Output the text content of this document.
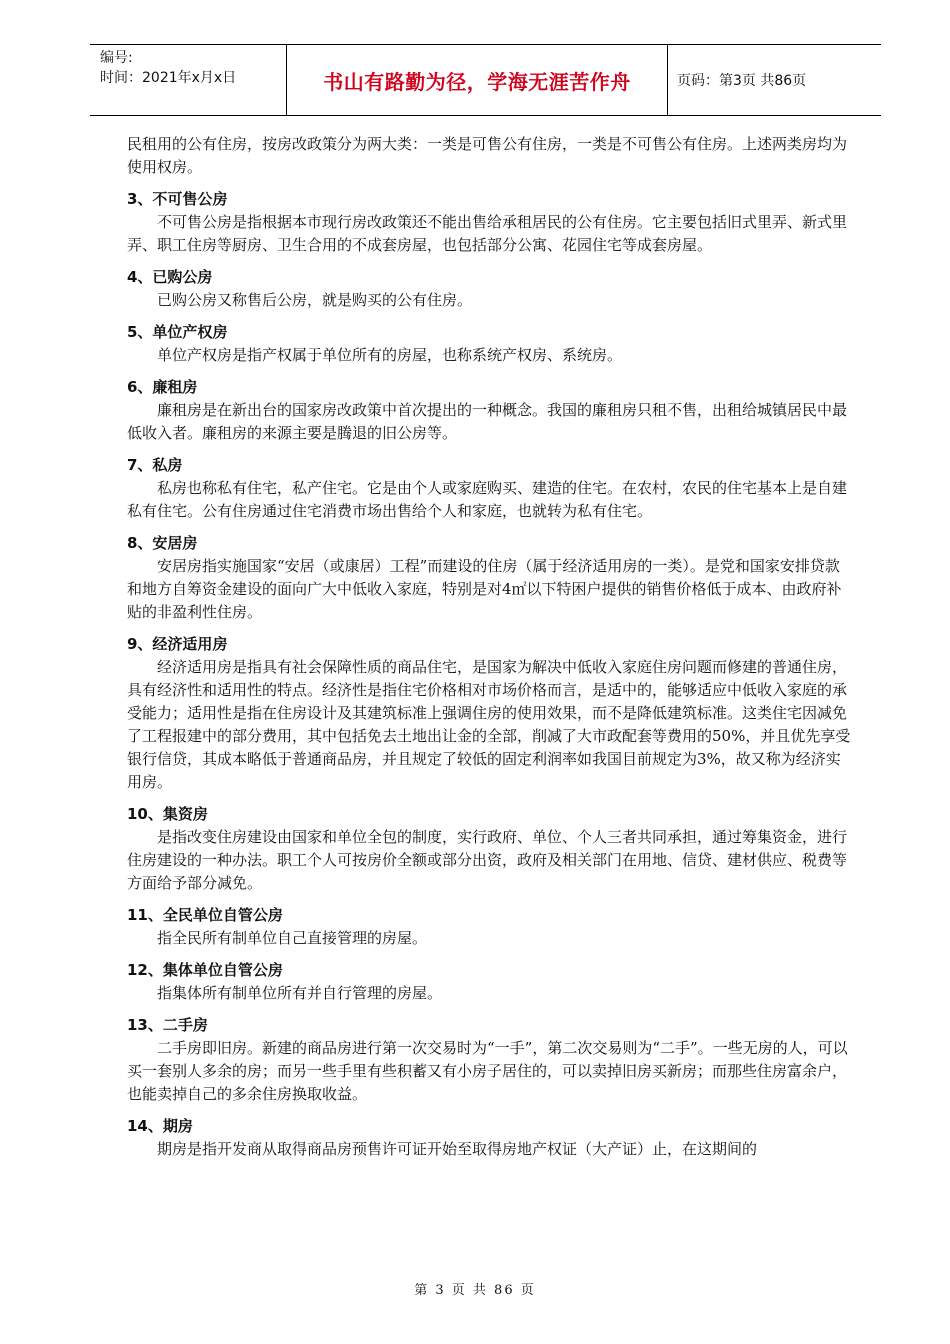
编号:
时间：2021年x月x日	书山有路勤为径，学海无涯苦作舟	页码：第3页 共86页

民租用的公有住房，按房改政策分为两大类：一类是可售公有住房，一类是不可售公有住房。上述两类房均为使用权房。

3、不可售公房

不可售公房是指根据本市现行房改政策还不能出售给承租居民的公有住房。它主要包括旧式里弄、新式里弄、职工住房等厨房、卫生合用的不成套房屋，也包括部分公寓、花园住宅等成套房屋。

4、已购公房

已购公房又称售后公房，就是购买的公有住房。

5、单位产权房

单位产权房是指产权属于单位所有的房屋，也称系统产权房、系统房。

6、廉租房

廉租房是在新出台的国家房改政策中首次提出的一种概念。我国的廉租房只租不售，出租给城镇居民中最低收入者。廉租房的来源主要是腾退的旧公房等。

7、私房

私房也称私有住宅，私产住宅。它是由个人或家庭购买、建造的住宅。在农村，农民的住宅基本上是自建私有住宅。公有住房通过住宅消费市场出售给个人和家庭，也就转为私有住宅。

8、安居房

安居房指实施国家“安居（或康居）工程”而建设的住房（属于经济适用房的一类）。是党和国家安排贷款和地方自筹资金建设的面向广大中低收入家庭，特别是对4㎡以下特困户提供的销售价格低于成本、由政府补贴的非盈利性住房。

9、经济适用房

经济适用房是指具有社会保障性质的商品住宅，是国家为解决中低收入家庭住房问题而修建的普通住房，具有经济性和适用性的特点。经济性是指住宅价格相对市场价格而言，是适中的，能够适应中低收入家庭的承受能力；适用性是指在住房设计及其建筑标准上强调住房的使用效果，而不是降低建筑标准。这类住宅因减免了工程报建中的部分费用，其中包括免去土地出让金的全部，削减了大市政配套等费用的50%，并且优先享受银行信贷，其成本略低于普通商品房，并且规定了较低的固定利润率如我国目前规定为3%，故又称为经济实用房。

10、集资房

是指改变住房建设由国家和单位全包的制度，实行政府、单位、个人三者共同承担，通过筹集资金，进行住房建设的一种办法。职工个人可按房价全额或部分出资，政府及相关部门在用地、信贷、建材供应、税费等方面给予部分减免。

11、全民单位自管公房

指全民所有制单位自己直接管理的房屋。

12、集体单位自管公房

指集体所有制单位所有并自行管理的房屋。

13、二手房

二手房即旧房。新建的商品房进行第一次交易时为“一手”，第二次交易则为“二手”。一些无房的人，可以买一套别人多余的房；而另一些手里有些积蓄又有小房子居住的，可以卖掉旧房买新房；而那些住房富余户，也能卖掉自己的多余住房换取收益。

14、期房

期房是指开发商从取得商品房预售许可证开始至取得房地产权证（大产证）止，在这期间的

第 3 页 共 86 页
